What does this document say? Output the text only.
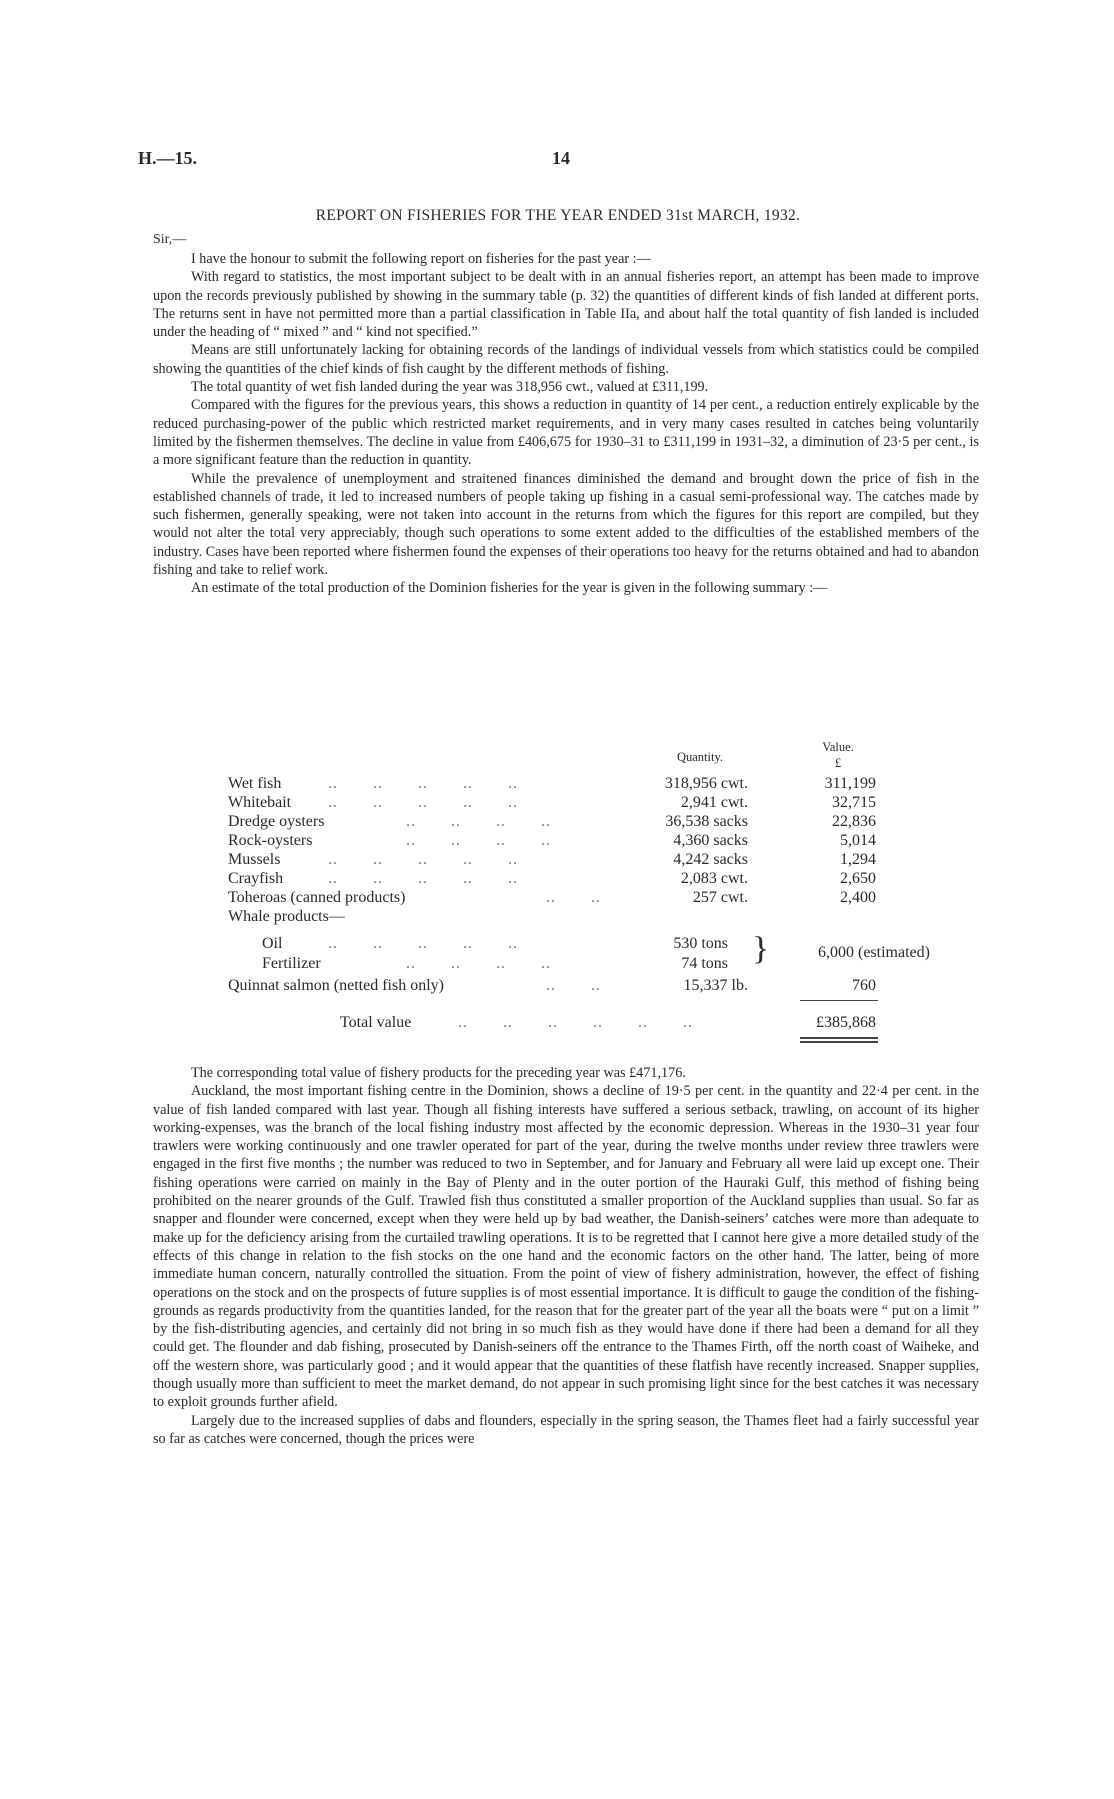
H.—15.	14
REPORT ON FISHERIES FOR THE YEAR ENDED 31st MARCH, 1932.
Sir,—

I have the honour to submit the following report on fisheries for the past year :—

With regard to statistics, the most important subject to be dealt with in an annual fisheries report, an attempt has been made to improve upon the records previously published by showing in the summary table (p. 32) the quantities of different kinds of fish landed at different ports. The returns sent in have not permitted more than a partial classification in Table IIa, and about half the total quantity of fish landed is included under the heading of “ mixed ” and “ kind not specified.”

Means are still unfortunately lacking for obtaining records of the landings of individual vessels from which statistics could be compiled showing the quantities of the chief kinds of fish caught by the different methods of fishing.

The total quantity of wet fish landed during the year was 318,956 cwt., valued at £311,199.

Compared with the figures for the previous years, this shows a reduction in quantity of 14 per cent., a reduction entirely explicable by the reduced purchasing-power of the public which restricted market requirements, and in very many cases resulted in catches being voluntarily limited by the fishermen themselves. The decline in value from £406,675 for 1930–31 to £311,199 in 1931–32, a diminution of 23·5 per cent., is a more significant feature than the reduction in quantity.

While the prevalence of unemployment and straitened finances diminished the demand and brought down the price of fish in the established channels of trade, it led to increased numbers of people taking up fishing in a casual semi-professional way. The catches made by such fishermen, generally speaking, were not taken into account in the returns from which the figures for this report are compiled, but they would not alter the total very appreciably, though such operations to some extent added to the difficulties of the established members of the industry. Cases have been reported where fishermen found the expenses of their operations too heavy for the returns obtained and had to abandon fishing and take to relief work.

An estimate of the total production of the Dominion fisheries for the year is given in the following summary :—

Quantity.
Value.
£
Wet fish	..       ..       ..       ..       ..	318,956 cwt.	311,199
Whitebait ..       ..       ..       ..       ..	2,941 cwt.	32,715
Dredge oysters	..       ..       ..       ..	36,538 sacks	22,836
Rock-oysters	..       ..       ..       ..	4,360 sacks	5,014
Mussels	..       ..       ..       ..       ..	4,242 sacks	1,294
Crayfish	..       ..       ..       ..       ..	2,083 cwt.	2,650
Toheroas (canned products)	..       ..	257 cwt.	2,400
Whale products—
Oil	..       ..       ..       ..       ..	530 tons
Fertilizer	..       ..       ..       ..	74 tons }	6,000 (estimated)
Quinnat salmon (netted fish only)	..       ..	15,337 lb.	760
Total value	..       ..       ..       ..       ..       ..	£385,868

The corresponding total value of fishery products for the preceding year was £471,176.

Auckland, the most important fishing centre in the Dominion, shows a decline of 19·5 per cent. in the quantity and 22·4 per cent. in the value of fish landed compared with last year. Though all fishing interests have suffered a serious setback, trawling, on account of its higher working-expenses, was the branch of the local fishing industry most affected by the economic depression. Whereas in the 1930–31 year four trawlers were working continuously and one trawler operated for part of the year, during the twelve months under review three trawlers were engaged in the first five months ; the number was reduced to two in September, and for January and February all were laid up except one. Their fishing operations were carried on mainly in the Bay of Plenty and in the outer portion of the Hauraki Gulf, this method of fishing being prohibited on the nearer grounds of the Gulf. Trawled fish thus constituted a smaller proportion of the Auckland supplies than usual. So far as snapper and flounder were concerned, except when they were held up by bad weather, the Danish-seiners’ catches were more than adequate to make up for the deficiency arising from the curtailed trawling operations. It is to be regretted that I cannot here give a more detailed study of the effects of this change in relation to the fish stocks on the one hand and the economic factors on the other hand. The latter, being of more immediate human concern, naturally controlled the situation. From the point of view of fishery administration, however, the effect of fishing operations on the stock and on the prospects of future supplies is of most essential importance. It is difficult to gauge the condition of the fishing-grounds as regards productivity from the quantities landed, for the reason that for the greater part of the year all the boats were “ put on a limit ” by the fish-distributing agencies, and certainly did not bring in so much fish as they would have done if there had been a demand for all they could get. The flounder and dab fishing, prosecuted by Danish-seiners off the entrance to the Thames Firth, off the north coast of Waiheke, and off the western shore, was particularly good ; and it would appear that the quantities of these flatfish have recently increased. Snapper supplies, though usually more than sufficient to meet the market demand, do not appear in such promising light since for the best catches it was necessary to exploit grounds further afield.

Largely due to the increased supplies of dabs and flounders, especially in the spring season, the Thames fleet had a fairly successful year so far as catches were concerned, though the prices were
